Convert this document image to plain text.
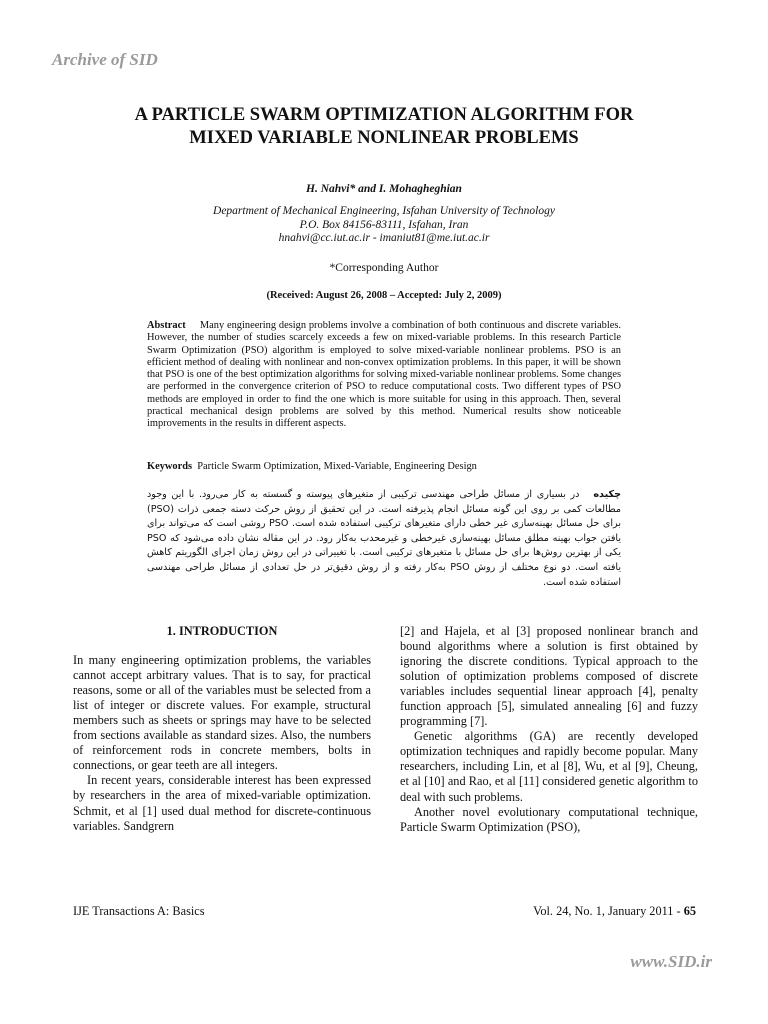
Archive of SID
A PARTICLE SWARM OPTIMIZATION ALGORITHM FOR
MIXED VARIABLE NONLINEAR PROBLEMS
H. Nahvi* and I. Mohagheghian
Department of Mechanical Engineering, Isfahan University of Technology
P.O. Box 84156-83111, Isfahan, Iran
hnahvi@cc.iut.ac.ir - imaniut81@me.iut.ac.ir
*Corresponding Author
(Received: August 26, 2008 – Accepted: July 2, 2009)
Abstract Many engineering design problems involve a combination of both continuous and discrete variables. However, the number of studies scarcely exceeds a few on mixed-variable problems. In this research Particle Swarm Optimization (PSO) algorithm is employed to solve mixed-variable nonlinear problems. PSO is an efficient method of dealing with nonlinear and non-convex optimization problems. In this paper, it will be shown that PSO is one of the best optimization algorithms for solving mixed-variable nonlinear problems. Some changes are performed in the convergence criterion of PSO to reduce computational costs. Two different types of PSO methods are employed in order to find the one which is more suitable for using in this approach. Then, several practical mechanical design problems are solved by this method. Numerical results show noticeable improvements in the results in different aspects.
Keywords Particle Swarm Optimization, Mixed-Variable, Engineering Design
چکیده   در بسیاری از مسائل طراحی مهندسی ترکیبی از متغیرهای پیوسته و گسسته به کار می‌رود. با این وجود مطالعات کمی بر روی این گونه مسائل انجام پذیرفته است. در این تحقیق از روش حرکت دسته جمعی ذرات (PSO) برای حل مسائل بهینه‌سازی غیر خطی دارای متغیرهای ترکیبی استفاده شده است. PSO روشی است که می‌تواند برای یافتن جواب بهینه مطلق مسائل بهینه‌سازی غیرخطی و غیرمحدب به‌کار رود. در این مقاله نشان داده می‌شود که PSO یکی از بهترین روش‌ها برای حل مسائل با متغیرهای ترکیبی است. با تغییراتی در این روش زمان اجرای الگوریتم کاهش یافته است. دو نوع مختلف از روش PSO به‌کار رفته و از روش دقیق‌تر در حل تعدادی از مسائل طراحی مهندسی استفاده شده است.

1. INTRODUCTION

In many engineering optimization problems, the variables cannot accept arbitrary values. That is to say, for practical reasons, some or all of the variables must be selected from a list of integer or discrete values. For example, structural members such as sheets or springs may have to be selected from sections available as standard sizes. Also, the numbers of reinforcement rods in concrete members, bolts in connections, or gear teeth are all integers.

In recent years, considerable interest has been expressed by researchers in the area of mixed-variable optimization. Schmit, et al [1] used dual method for discrete-continuous variables. Sandgrern

[2] and Hajela, et al [3] proposed nonlinear branch and bound algorithms where a solution is first obtained by ignoring the discrete conditions. Typical approach to the solution of optimization problems composed of discrete variables includes sequential linear approach [4], penalty function approach [5], simulated annealing [6] and fuzzy programming [7].

Genetic algorithms (GA) are recently developed optimization techniques and rapidly become popular. Many researchers, including Lin, et al [8], Wu, et al [9], Cheung, et al [10] and Rao, et al [11] considered genetic algorithm to deal with such problems.

Another novel evolutionary computational technique, Particle Swarm Optimization (PSO),

IJE Transactions A: Basics	Vol. 24, No. 1, January 2011 - 65
www.SID.ir
